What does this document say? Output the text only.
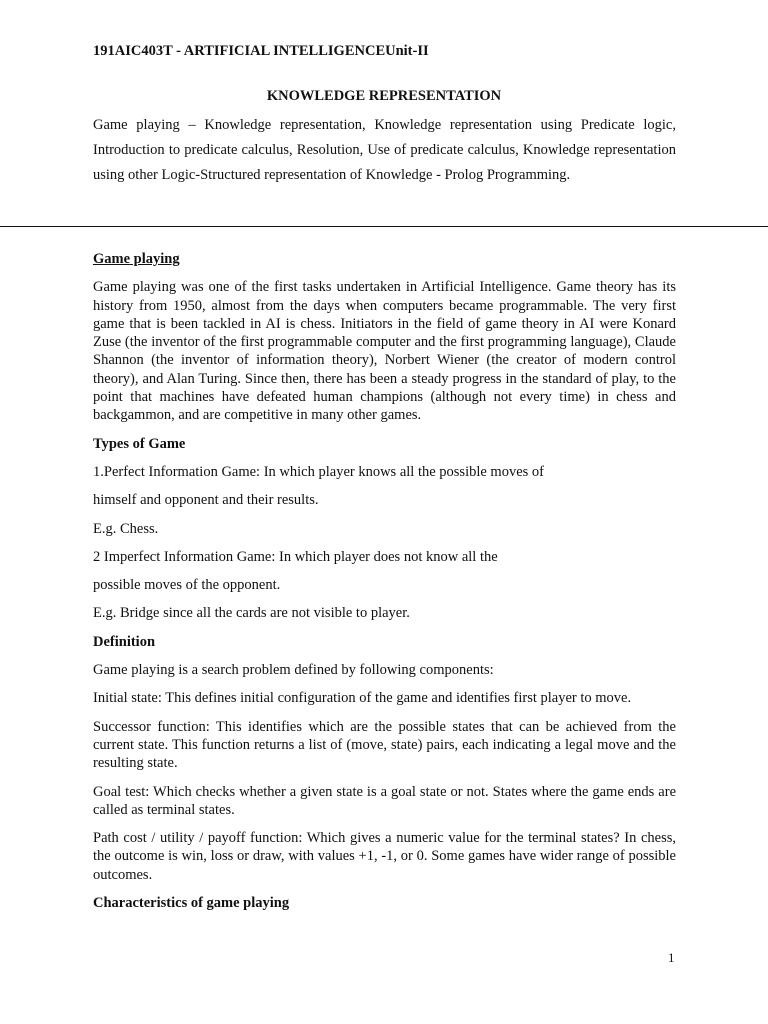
191AIC403T - ARTIFICIAL INTELLIGENCEUnit-II
KNOWLEDGE REPRESENTATION
Game playing – Knowledge representation, Knowledge representation using Predicate logic, Introduction to predicate calculus, Resolution, Use of predicate calculus, Knowledge representation using other Logic-Structured representation of Knowledge - Prolog Programming.
Game playing

Game playing was one of the first tasks undertaken in Artificial Intelligence. Game theory has its history from 1950, almost from the days when computers became programmable. The very first game that is been tackled in AI is chess. Initiators in the field of game theory in AI were Konard Zuse (the inventor of the first programmable computer and the first programming language), Claude Shannon (the inventor of information theory), Norbert Wiener (the creator of modern control theory), and Alan Turing. Since then, there has been a steady progress in the standard of play, to the point that machines have defeated human champions (although not every time) in chess and backgammon, and are competitive in many other games.

Types of Game

1.Perfect Information Game: In which player knows all the possible moves of

himself and opponent and their results.

E.g. Chess.

2 Imperfect Information Game: In which player does not know all the

possible moves of the opponent.

E.g. Bridge since all the cards are not visible to player.

Definition

Game playing is a search problem defined by following components:

Initial state: This defines initial configuration of the game and identifies first player to move.

Successor function: This identifies which are the possible states that can be achieved from the current state. This function returns a list of (move, state) pairs, each indicating a legal move and the resulting state.

Goal test: Which checks whether a given state is a goal state or not. States where the game ends are called as terminal states.

Path cost / utility / payoff function: Which gives a numeric value for the terminal states? In chess, the outcome is win, loss or draw, with values +1, -1, or 0. Some games have wider range of possible outcomes.

Characteristics of game playing
1
